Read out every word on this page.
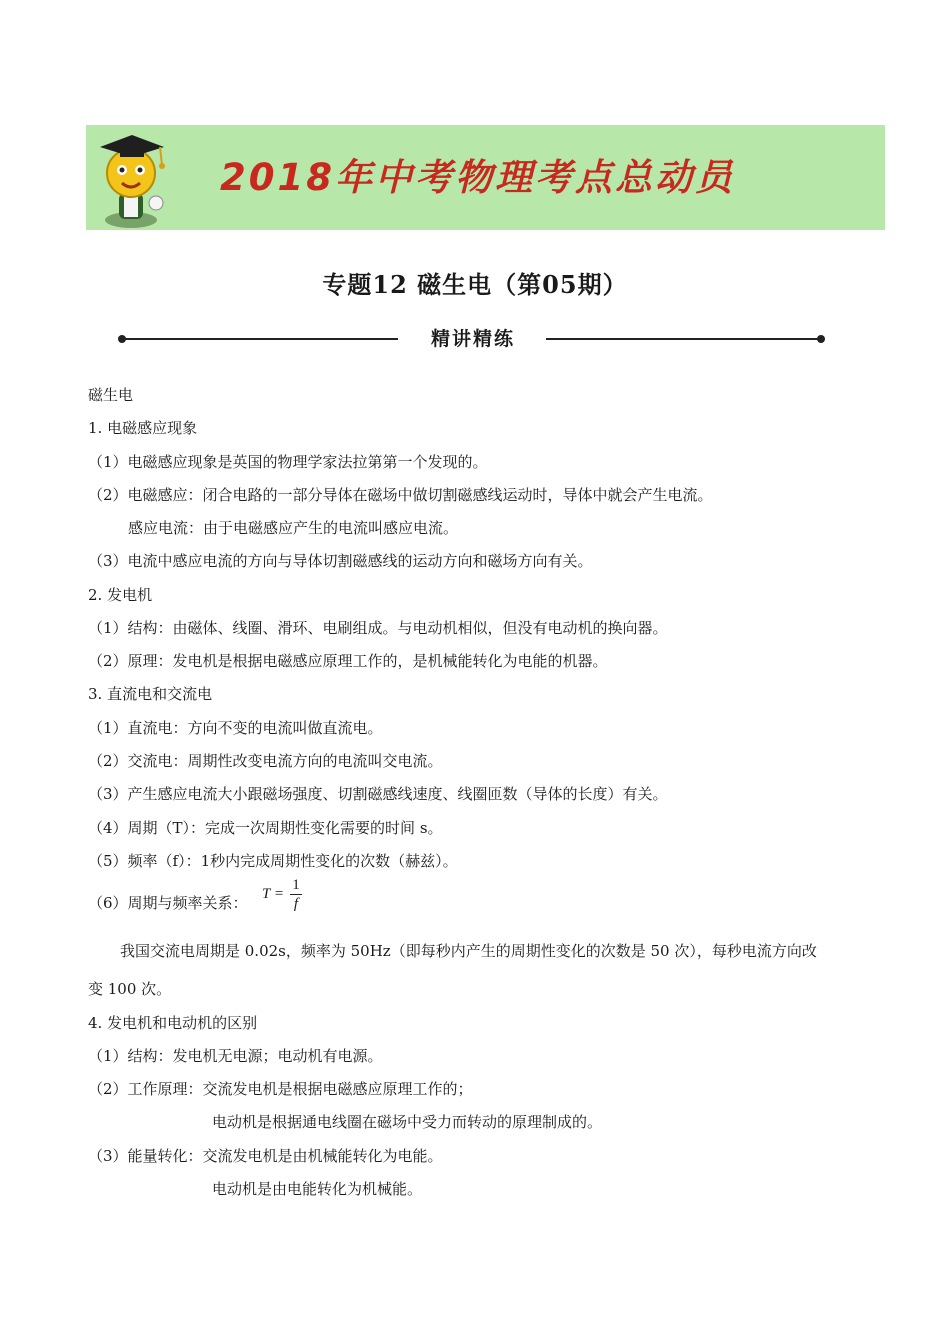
2018年中考物理考点总动员
专题12 磁生电（第05期）
精讲精练
磁生电
1. 电磁感应现象
（1）电磁感应现象是英国的物理学家法拉第第一个发现的。
（2）电磁感应：闭合电路的一部分导体在磁场中做切割磁感线运动时，导体中就会产生电流。
感应电流：由于电磁感应产生的电流叫感应电流。
（3）电流中感应电流的方向与导体切割磁感线的运动方向和磁场方向有关。
2. 发电机
（1）结构：由磁体、线圈、滑环、电刷组成。与电动机相似，但没有电动机的换向器。
（2）原理：发电机是根据电磁感应原理工作的，是机械能转化为电能的机器。
3. 直流电和交流电
（1）直流电：方向不变的电流叫做直流电。
（2）交流电：周期性改变电流方向的电流叫交电流。
（3）产生感应电流大小跟磁场强度、切割磁感线速度、线圈匝数（导体的长度）有关。
（4）周期（T）：完成一次周期性变化需要的时间 s。
（5）频率（f）：1秒内完成周期性变化的次数（赫兹）。
（6）周期与频率关系： T =
1
f
我国交流电周期是 0.02s，频率为 50Hz（即每秒内产生的周期性变化的次数是 50 次），每秒电流方向改
变 100 次。
4. 发电机和电动机的区别
（1）结构：发电机无电源；电动机有电源。
（2）工作原理：交流发电机是根据电磁感应原理工作的；
电动机是根据通电线圈在磁场中受力而转动的原理制成的。
（3）能量转化：交流发电机是由机械能转化为电能。
电动机是由电能转化为机械能。
